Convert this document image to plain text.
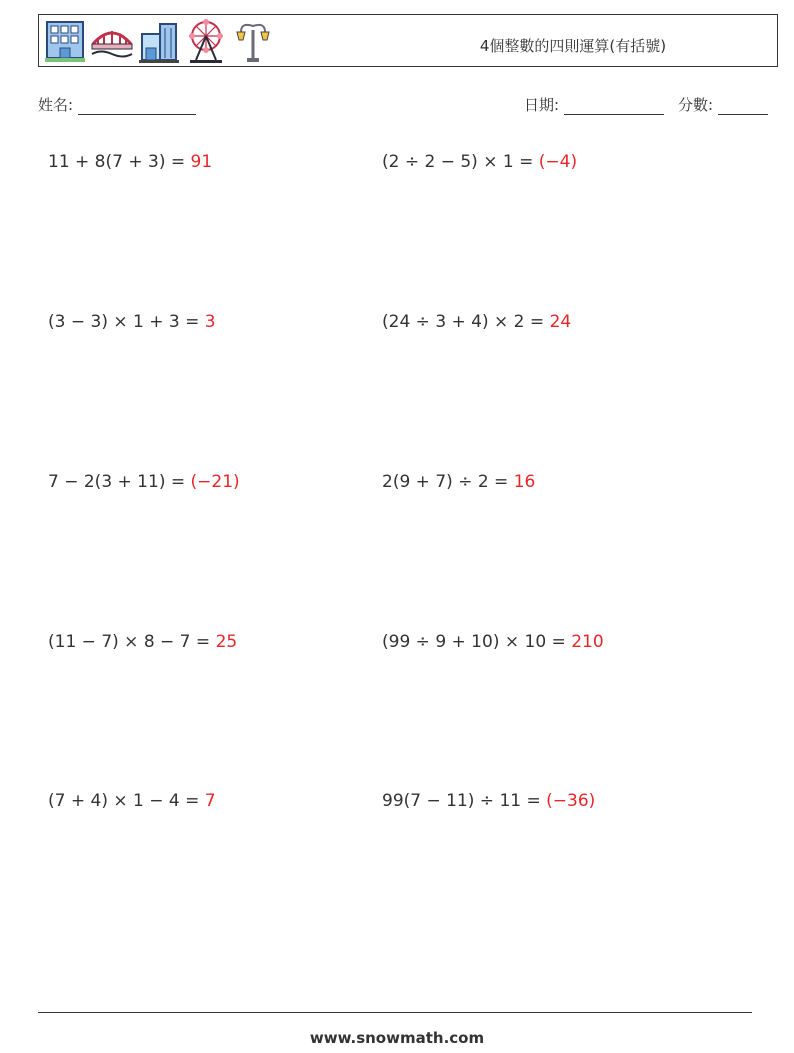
4個整數的四則運算(有括號)
姓名:	日期:	分數:
11 + 8(7 + 3) = 91	(2 ÷ 2 − 5) × 1 = (−4)
(3 − 3) × 1 + 3 = 3	(24 ÷ 3 + 4) × 2 = 24
7 − 2(3 + 11) = (−21)	2(9 + 7) ÷ 2 = 16
(11 − 7) × 8 − 7 = 25	(99 ÷ 9 + 10) × 10 = 210
(7 + 4) × 1 − 4 = 7	99(7 − 11) ÷ 11 = (−36)
www.snowmath.com
